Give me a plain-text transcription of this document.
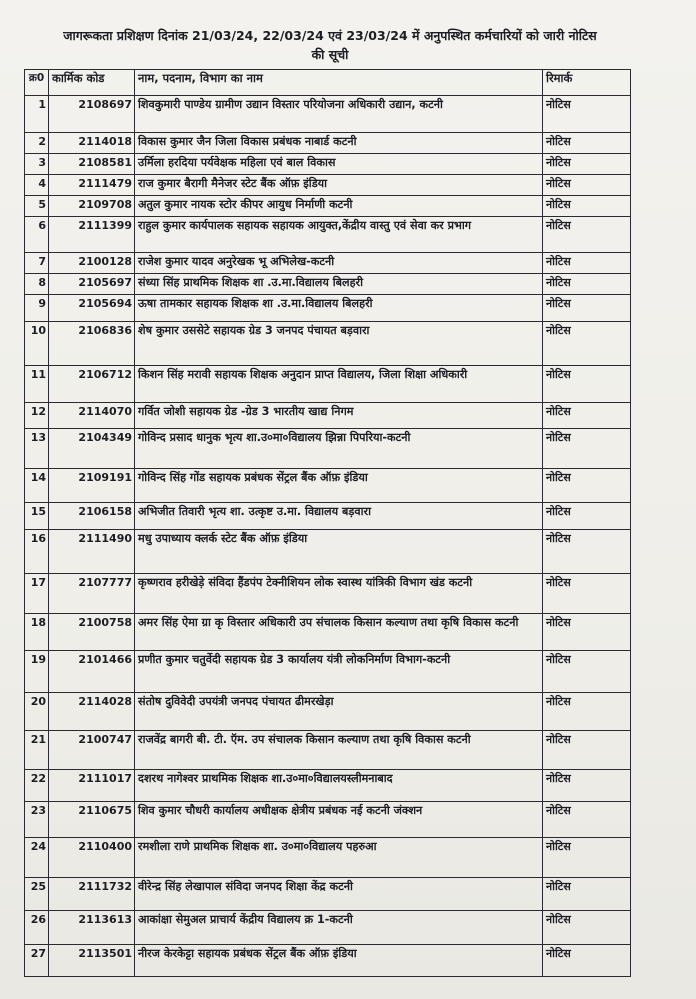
जागरूकता प्रशिक्षण दिनांक 21/03/24, 22/03/24 एवं 23/03/24 में अनुपस्थित कर्मचारियों को जारी नोटिस
की सूची
क्र0	कार्मिक कोड	नाम, पदनाम, विभाग का नाम	रिमार्क
1	2108697	शिवकुमारी पाण्डेय ग्रामीण उद्यान विस्तार परियोजना अधिकारी उद्यान, कटनी	नोटिस
2	2114018	विकास कुमार जैन जिला विकास प्रबंधक नाबार्ड कटनी	नोटिस
3	2108581	उर्मिला हरदिया पर्यवेक्षक महिला एवं बाल विकास	नोटिस
4	2111479	राज कुमार बैरागी मैनेजर स्टेट बैंक ऑफ़ इंडिया	नोटिस
5	2109708	अतुल कुमार नायक स्टोर कीपर आयुध निर्माणी कटनी	नोटिस
6	2111399	राहुल कुमार कार्यपालक सहायक सहायक आयुक्त,केंद्रीय वास्तु एवं सेवा कर प्रभाग	नोटिस
7	2100128	राजेश कुमार यादव अनुरेखक भू अभिलेख-कटनी	नोटिस
8	2105697	संध्या सिंह प्राथमिक शिक्षक शा .उ.मा.विद्यालय बिलहरी	नोटिस
9	2105694	ऊषा तामकार सहायक शिक्षक शा .उ.मा.विद्यालय बिलहरी	नोटिस
10	2106836	शेष कुमार उससेटे सहायक ग्रेड 3 जनपद पंचायत बड़वारा	नोटिस
11	2106712	किशन सिंह मरावी सहायक शिक्षक अनुदान प्राप्त विद्यालय, जिला शिक्षा अधिकारी	नोटिस
12	2114070	गर्वित जोशी सहायक ग्रेड -ग्रेड 3 भारतीय खाद्य निगम	नोटिस
13	2104349	गोविन्द प्रसाद धानुक भृत्य शा.उ०मा०विद्यालय झिन्ना पिपरिया-कटनी	नोटिस
14	2109191	गोविन्द सिंह गोंड सहायक प्रबंधक सेंट्रल बैंक ऑफ़ इंडिया	नोटिस
15	2106158	अभिजीत तिवारी भृत्य शा. उत्कृष्ट उ.मा. विद्यालय बड़वारा	नोटिस
16	2111490	मधु उपाध्याय क्लर्क स्टेट बैंक ऑफ़ इंडिया	नोटिस
17	2107777	कृष्णराव हरीखेड़े संविदा हैंडपंप टेक्नीशियन लोक स्वास्थ यांत्रिकी विभाग खंड कटनी	नोटिस
18	2100758	अमर सिंह ऐमा ग्रा कृ विस्तार अधिकारी उप संचालक किसान कल्याण तथा कृषि विकास कटनी	नोटिस
19	2101466	प्रणीत कुमार चतुर्वेदी सहायक ग्रेड 3 कार्यालय यंत्री लोकनिर्माण विभाग-कटनी	नोटिस
20	2114028	संतोष दुविवेदी उपयंत्री जनपद पंचायत ढीमरखेड़ा	नोटिस
21	2100747	राजवेंद्र बागरी बी. टी. ऍम. उप संचालक किसान कल्याण तथा कृषि विकास कटनी	नोटिस
22	2111017	दशरथ नागेश्वर प्राथमिक शिक्षक शा.उ०मा०विद्यालयस्लीमनाबाद	नोटिस
23	2110675	शिव कुमार चौधरी कार्यालय अधीक्षक क्षेत्रीय प्रबंधक नई कटनी जंक्शन	नोटिस
24	2110400	रमशीला राणे प्राथमिक शिक्षक शा. उ०मा०विद्यालय पहरुआ	नोटिस
25	2111732	वीरेन्द्र सिंह लेखापाल संविदा जनपद शिक्षा केंद्र कटनी	नोटिस
26	2113613	आकांक्षा सेमुअल प्राचार्य केंद्रीय विद्यालय क्र 1-कटनी	नोटिस
27	2113501	नीरज केरकेट्टा सहायक प्रबंधक सेंट्रल बैंक ऑफ़ इंडिया	नोटिस
